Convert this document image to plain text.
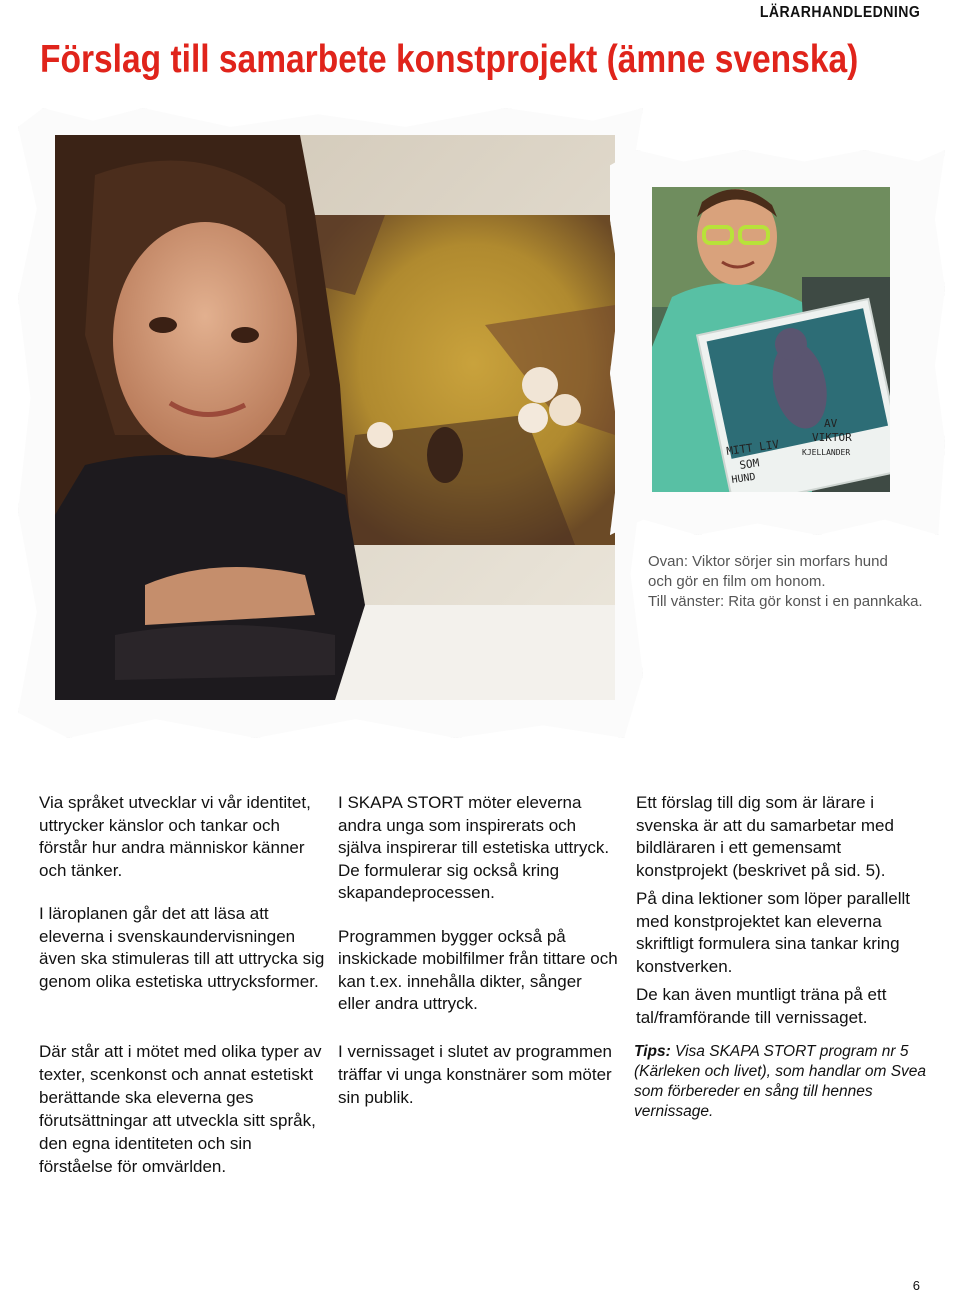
LÄRARHANDLEDNING
Förslag till samarbete konstprojekt (ämne svenska)
MITT LIV
SOM
HUND
AV
VIKTOR
KJELLANDER
Ovan: Viktor sörjer sin morfars hund
och gör en film om honom.
Till vänster: Rita gör konst i en pannkaka.

Via språket utvecklar vi vår identitet, uttrycker känslor och tankar och förstår hur andra människor känner och tänker.

I läroplanen går det att läsa att eleverna i svenskaundervisningen även ska stimuleras till att uttrycka sig genom olika estetiska uttrycksformer.

Där står att i mötet med olika typer av texter, scenkonst och annat estetiskt berättande ska eleverna ges förutsättningar att utveckla sitt språk, den egna identiteten och sin förståelse för omvärlden.

I SKAPA STORT möter eleverna andra unga som inspirerats och själva inspirerar till estetiska uttryck. De formulerar sig också kring skapandeprocessen.

Programmen bygger också på inskickade mobilfilmer från tittare och kan t.ex. innehålla dikter, sånger eller andra uttryck.

I vernissaget i slutet av programmen träffar vi unga konstnärer som möter sin publik.

Ett förslag till dig som är lärare i svenska är att du samarbetar med bildläraren i ett gemensamt konstprojekt (beskrivet på sid. 5).

På dina lektioner som löper parallellt med konstprojektet kan eleverna skriftligt formulera sina tankar kring konstverken.

De kan även muntligt träna på ett tal/framförande till vernissaget.

Tips: Visa SKAPA STORT program nr 5 (Kärleken och livet), som handlar om Svea som förbereder en sång till hennes vernissage.
6
